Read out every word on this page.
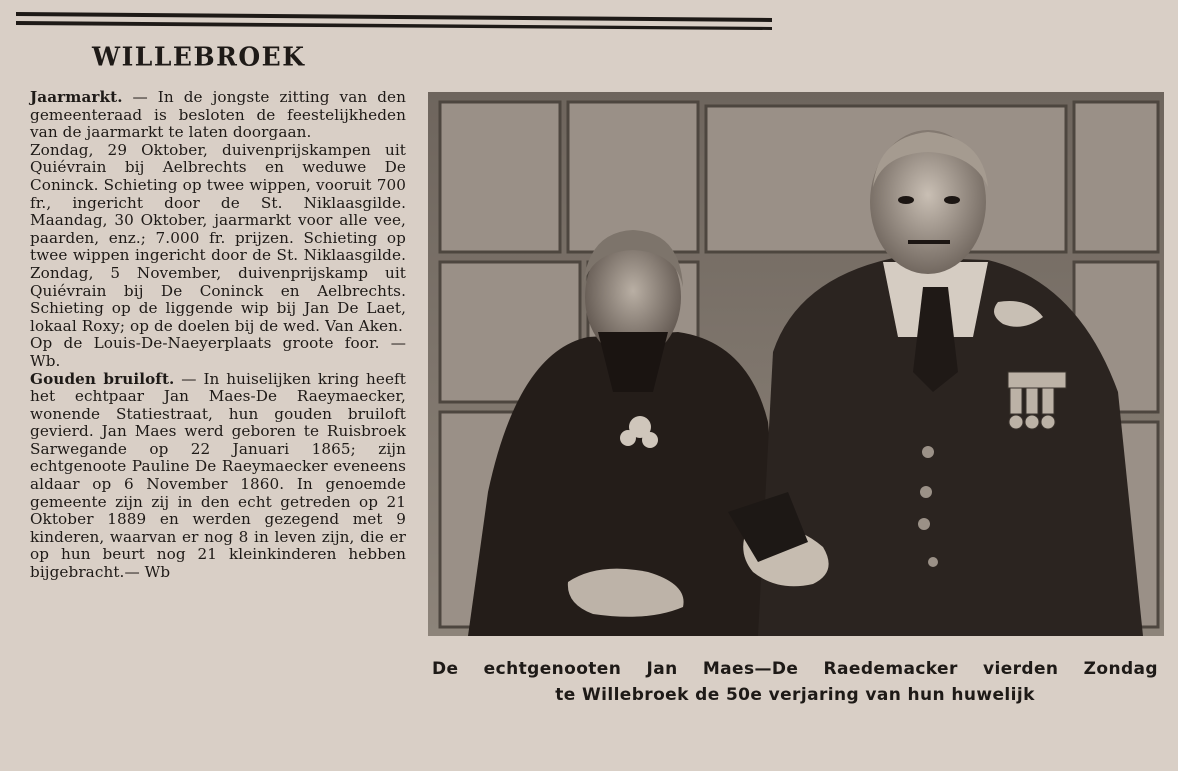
WILLEBROEK

Jaarmarkt. — In de jongste zitting van den gemeenteraad is besloten de feestelijkheden van de jaarmarkt te laten doorgaan.

Zondag, 29 Oktober, duivenprijskampen uit Quiévrain bij Aelbrechts en weduwe De Coninck. Schieting op twee wippen, vooruit 700 fr., ingericht door de St. Niklaasgilde. Maandag, 30 Oktober, jaarmarkt voor alle vee, paarden, enz.; 7.000 fr. prijzen. Schieting op twee wippen ingericht door de St. Niklaasgilde. Zondag, 5 November, duivenprijskamp uit Quiévrain bij De Coninck en Aelbrechts. Schieting op de liggende wip bij Jan De Laet, lokaal Roxy; op de doelen bij de wed. Van Aken.

Op de Louis-De-Naeyerplaats groote foor. — Wb.

Gouden bruiloft. — In huiselijken kring heeft het echtpaar Jan Maes-De Raeymaecker, wonende Statiestraat, hun gouden bruiloft gevierd. Jan Maes werd geboren te Ruisbroek Sarwegande op 22 Januari 1865; zijn echtgenoote Pauline De Raeymaecker eveneens aldaar op 6 November 1860. In genoemde gemeente zijn zij in den echt getreden op 21 Oktober 1889 en werden gezegend met 9 kinderen, waarvan er nog 8 in leven zijn, die er op hun beurt nog 21 kleinkinderen hebben bijgebracht.— Wb

De echtgenooten Jan Maes—De Raedemacker vierden Zondag
te Willebroek de 50e verjaring van hun huwelijk
